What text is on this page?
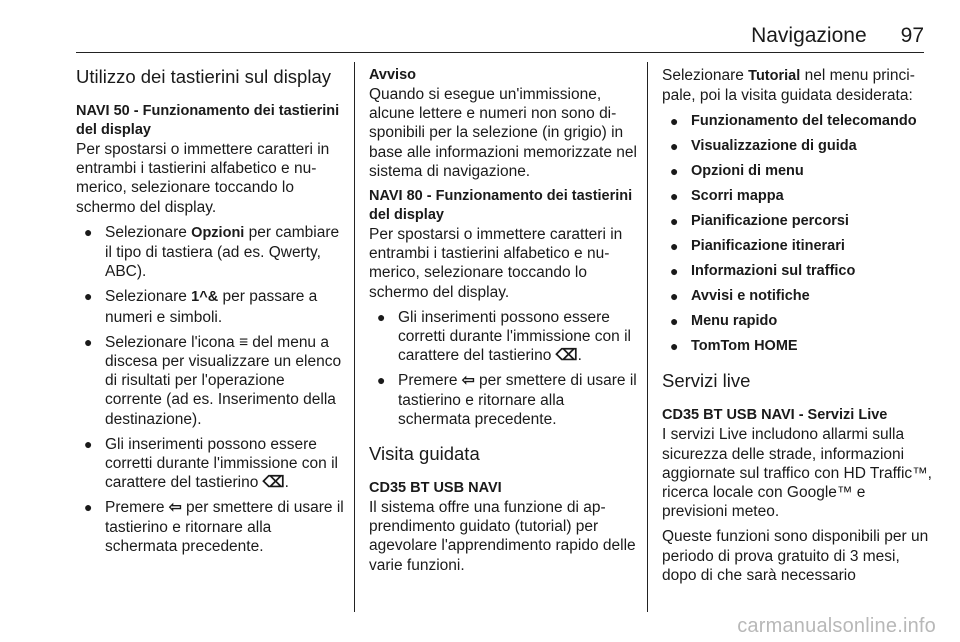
Navigazione 97
Utilizzo dei tastierini sul display
NAVI 50 - Funzionamento dei tastierini del display

Per spostarsi o immettere caratteri in entrambi i tastierini alfabetico e numerico, selezionare toccando lo schermo del display.

● Selezionare Opzioni per cambiare il tipo di tastiera (ad es. Qwerty, ABC).
● Selezionare 1^& per passare a numeri e simboli.
● Selezionare l'icona ≡ del menu a discesa per visualizzare un elenco di risultati per l'operazione corrente (ad es. Inserimento della destinazione).
● Gli inserimenti possono essere corretti durante l'immissione con il carattere del tastierino ⌫.
● Premere ⇦ per smettere di usare il tastierino e ritornare alla schermata precedente.
Avviso

Quando si esegue un'immissione, alcune lettere e numeri non sono disponibili per la selezione (in grigio) in base alle informazioni memorizzate nel sistema di navigazione.

NAVI 80 - Funzionamento dei tastierini del display

Per spostarsi o immettere caratteri in entrambi i tastierini alfabetico e numerico, selezionare toccando lo schermo del display.

● Gli inserimenti possono essere corretti durante l'immissione con il carattere del tastierino ⌫.
● Premere ⇦ per smettere di usare il tastierino e ritornare alla schermata precedente.
Visita guidata
CD35 BT USB NAVI

Il sistema offre una funzione di apprendimento guidato (tutorial) per agevolare l'apprendimento rapido delle varie funzioni.

Selezionare Tutorial nel menu principale, poi la visita guidata desiderata:

● Funzionamento del telecomando
● Visualizzazione di guida
● Opzioni di menu
● Scorri mappa
● Pianificazione percorsi
● Pianificazione itinerari
● Informazioni sul traffico
● Avvisi e notifiche
● Menu rapido
● TomTom HOME
Servizi live
CD35 BT USB NAVI - Servizi Live

I servizi Live includono allarmi sulla sicurezza delle strade, informazioni aggiornate sul traffico con HD Traffic™, ricerca locale con Google™ e previsioni meteo.

Queste funzioni sono disponibili per un periodo di prova gratuito di 3 mesi, dopo di che sarà necessario

carmanualsonline.info
